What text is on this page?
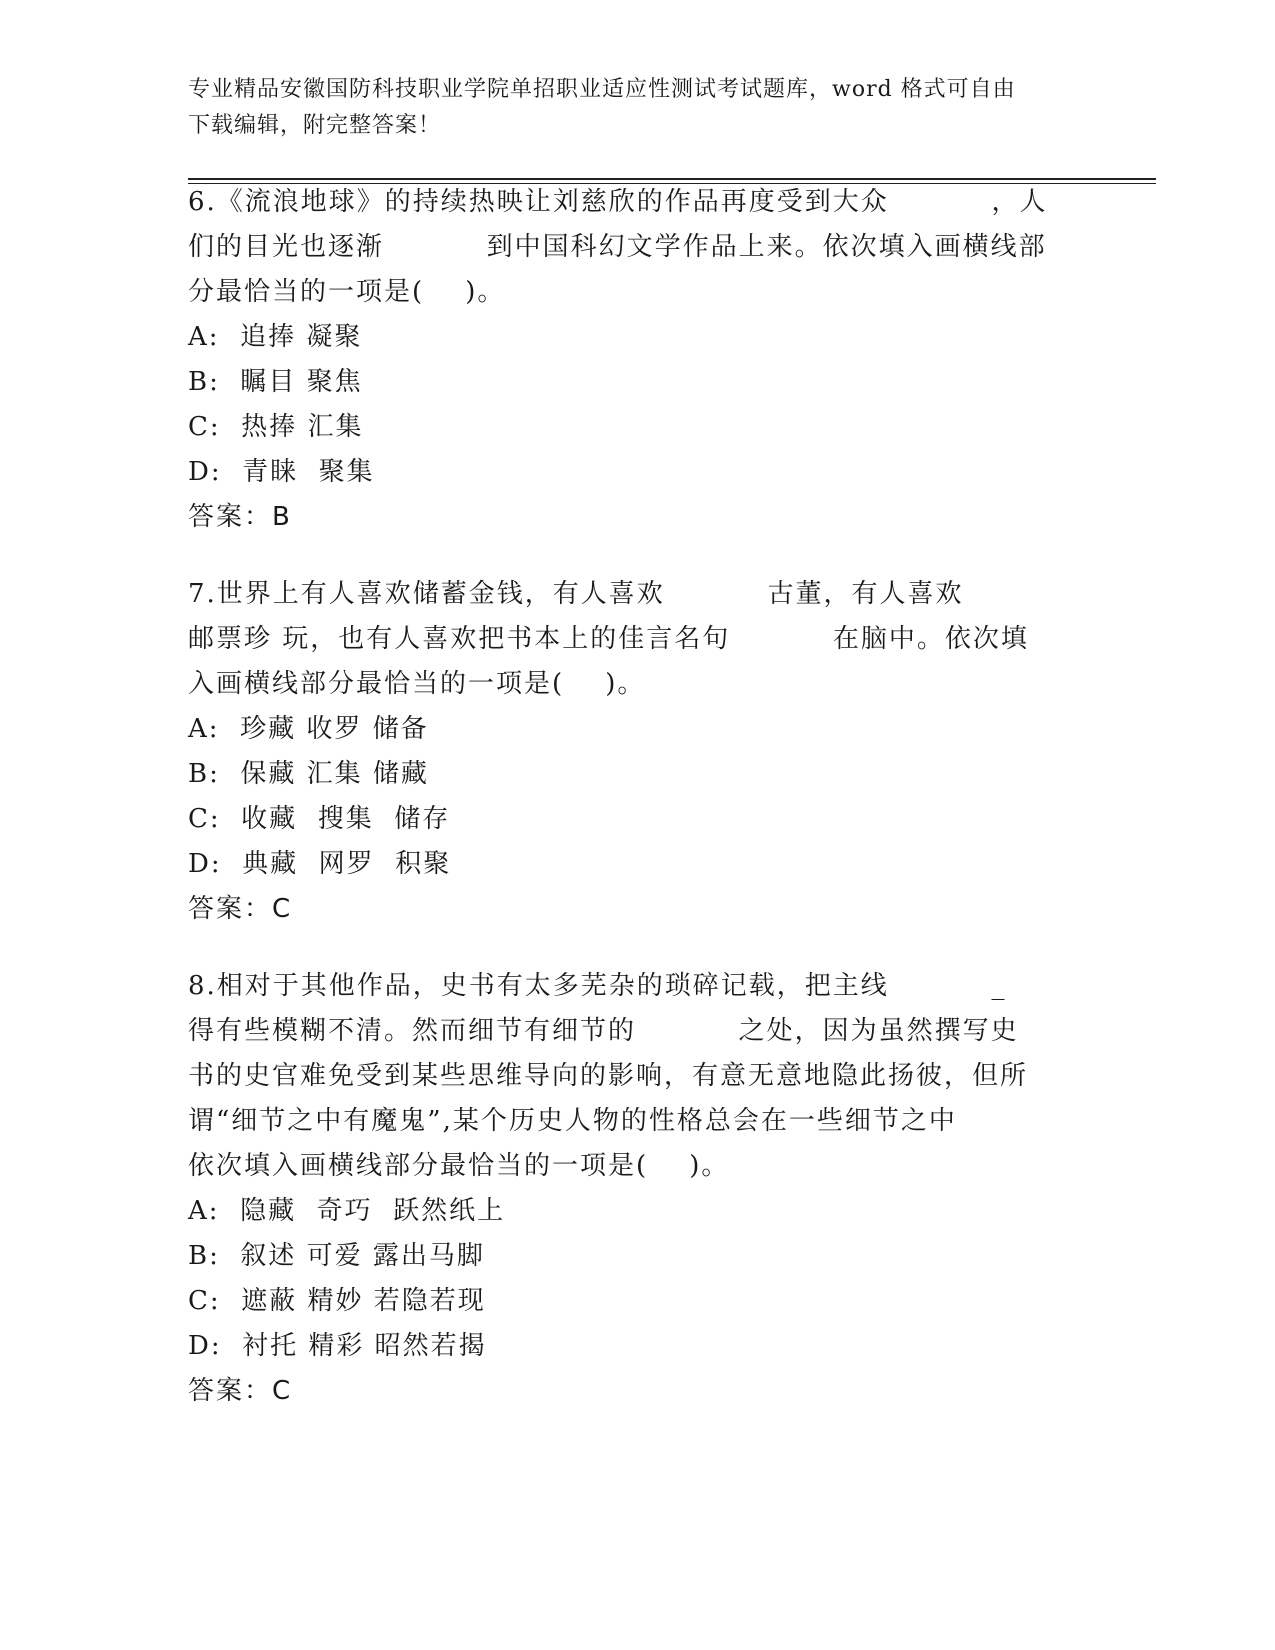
专业精品安徽国防科技职业学院单招职业适应性测试考试题库，word 格式可自由
下载编辑，附完整答案！
6.《流浪地球》的持续热映让刘慈欣的作品再度受到大众          ，人
们的目光也逐渐          到中国科幻文学作品上来。依次填入画横线部
分最恰当的一项是(    )。
A:  追捧 凝聚
B:  瞩目 聚焦
C:  热捧 汇集
D:  青睐  聚集
答案：B
7.世界上有人喜欢储蓄金钱，有人喜欢          古董，有人喜欢
邮票珍 玩，也有人喜欢把书本上的佳言名句          在脑中。依次填
入画横线部分最恰当的一项是(    )。
A:  珍藏 收罗 储备
B:  保藏 汇集 储藏
C:  收藏  搜集  储存
D:  典藏  网罗  积聚
答案：C
8.相对于其他作品，史书有太多芜杂的琐碎记载，把主线          _
得有些模糊不清。然而细节有细节的          之处，因为虽然撰写史
书的史官难免受到某些思维导向的影响，有意无意地隐此扬彼，但所
谓“细节之中有魔鬼”,某个历史人物的性格总会在一些细节之中
依次填入画横线部分最恰当的一项是(    )。
A:  隐藏  奇巧  跃然纸上
B:  叙述 可爱 露出马脚
C:  遮蔽 精妙 若隐若现
D:  衬托 精彩 昭然若揭
答案：C
